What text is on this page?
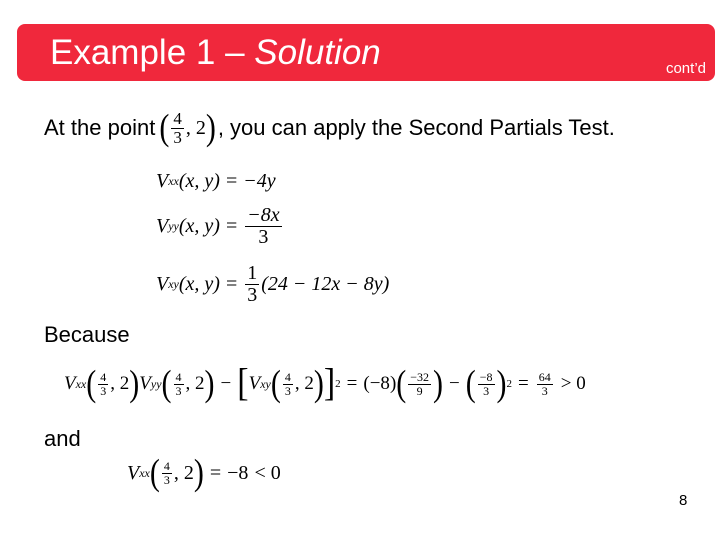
Example 1 – Solution	cont’d
At the point ( $\frac{4}{3}$ , 2 ) , you can apply the Second Partials Test.
V xx (x, y) = −4y
V yy (x, $y) = \frac{-8x}{3}$
V xy (x, $y) = \frac{1}{3} (24 - 12x - 8y)$
Because
V xx ( $\frac{4}{3}$ , 2 ) V yy ( $\frac{4}{3}$ , 2 ) − [ V xy ( $\frac{4}{3}$ , 2 ) ] 2 = ( −8 ) ( $\frac{-32}{9}$ ) − ( $\frac{-8}{3}$ ) $2 = \frac{64}{3} > 0$
and
V xx ( $\frac{4}{3}$ , 2 ) = −8 < 0
8
